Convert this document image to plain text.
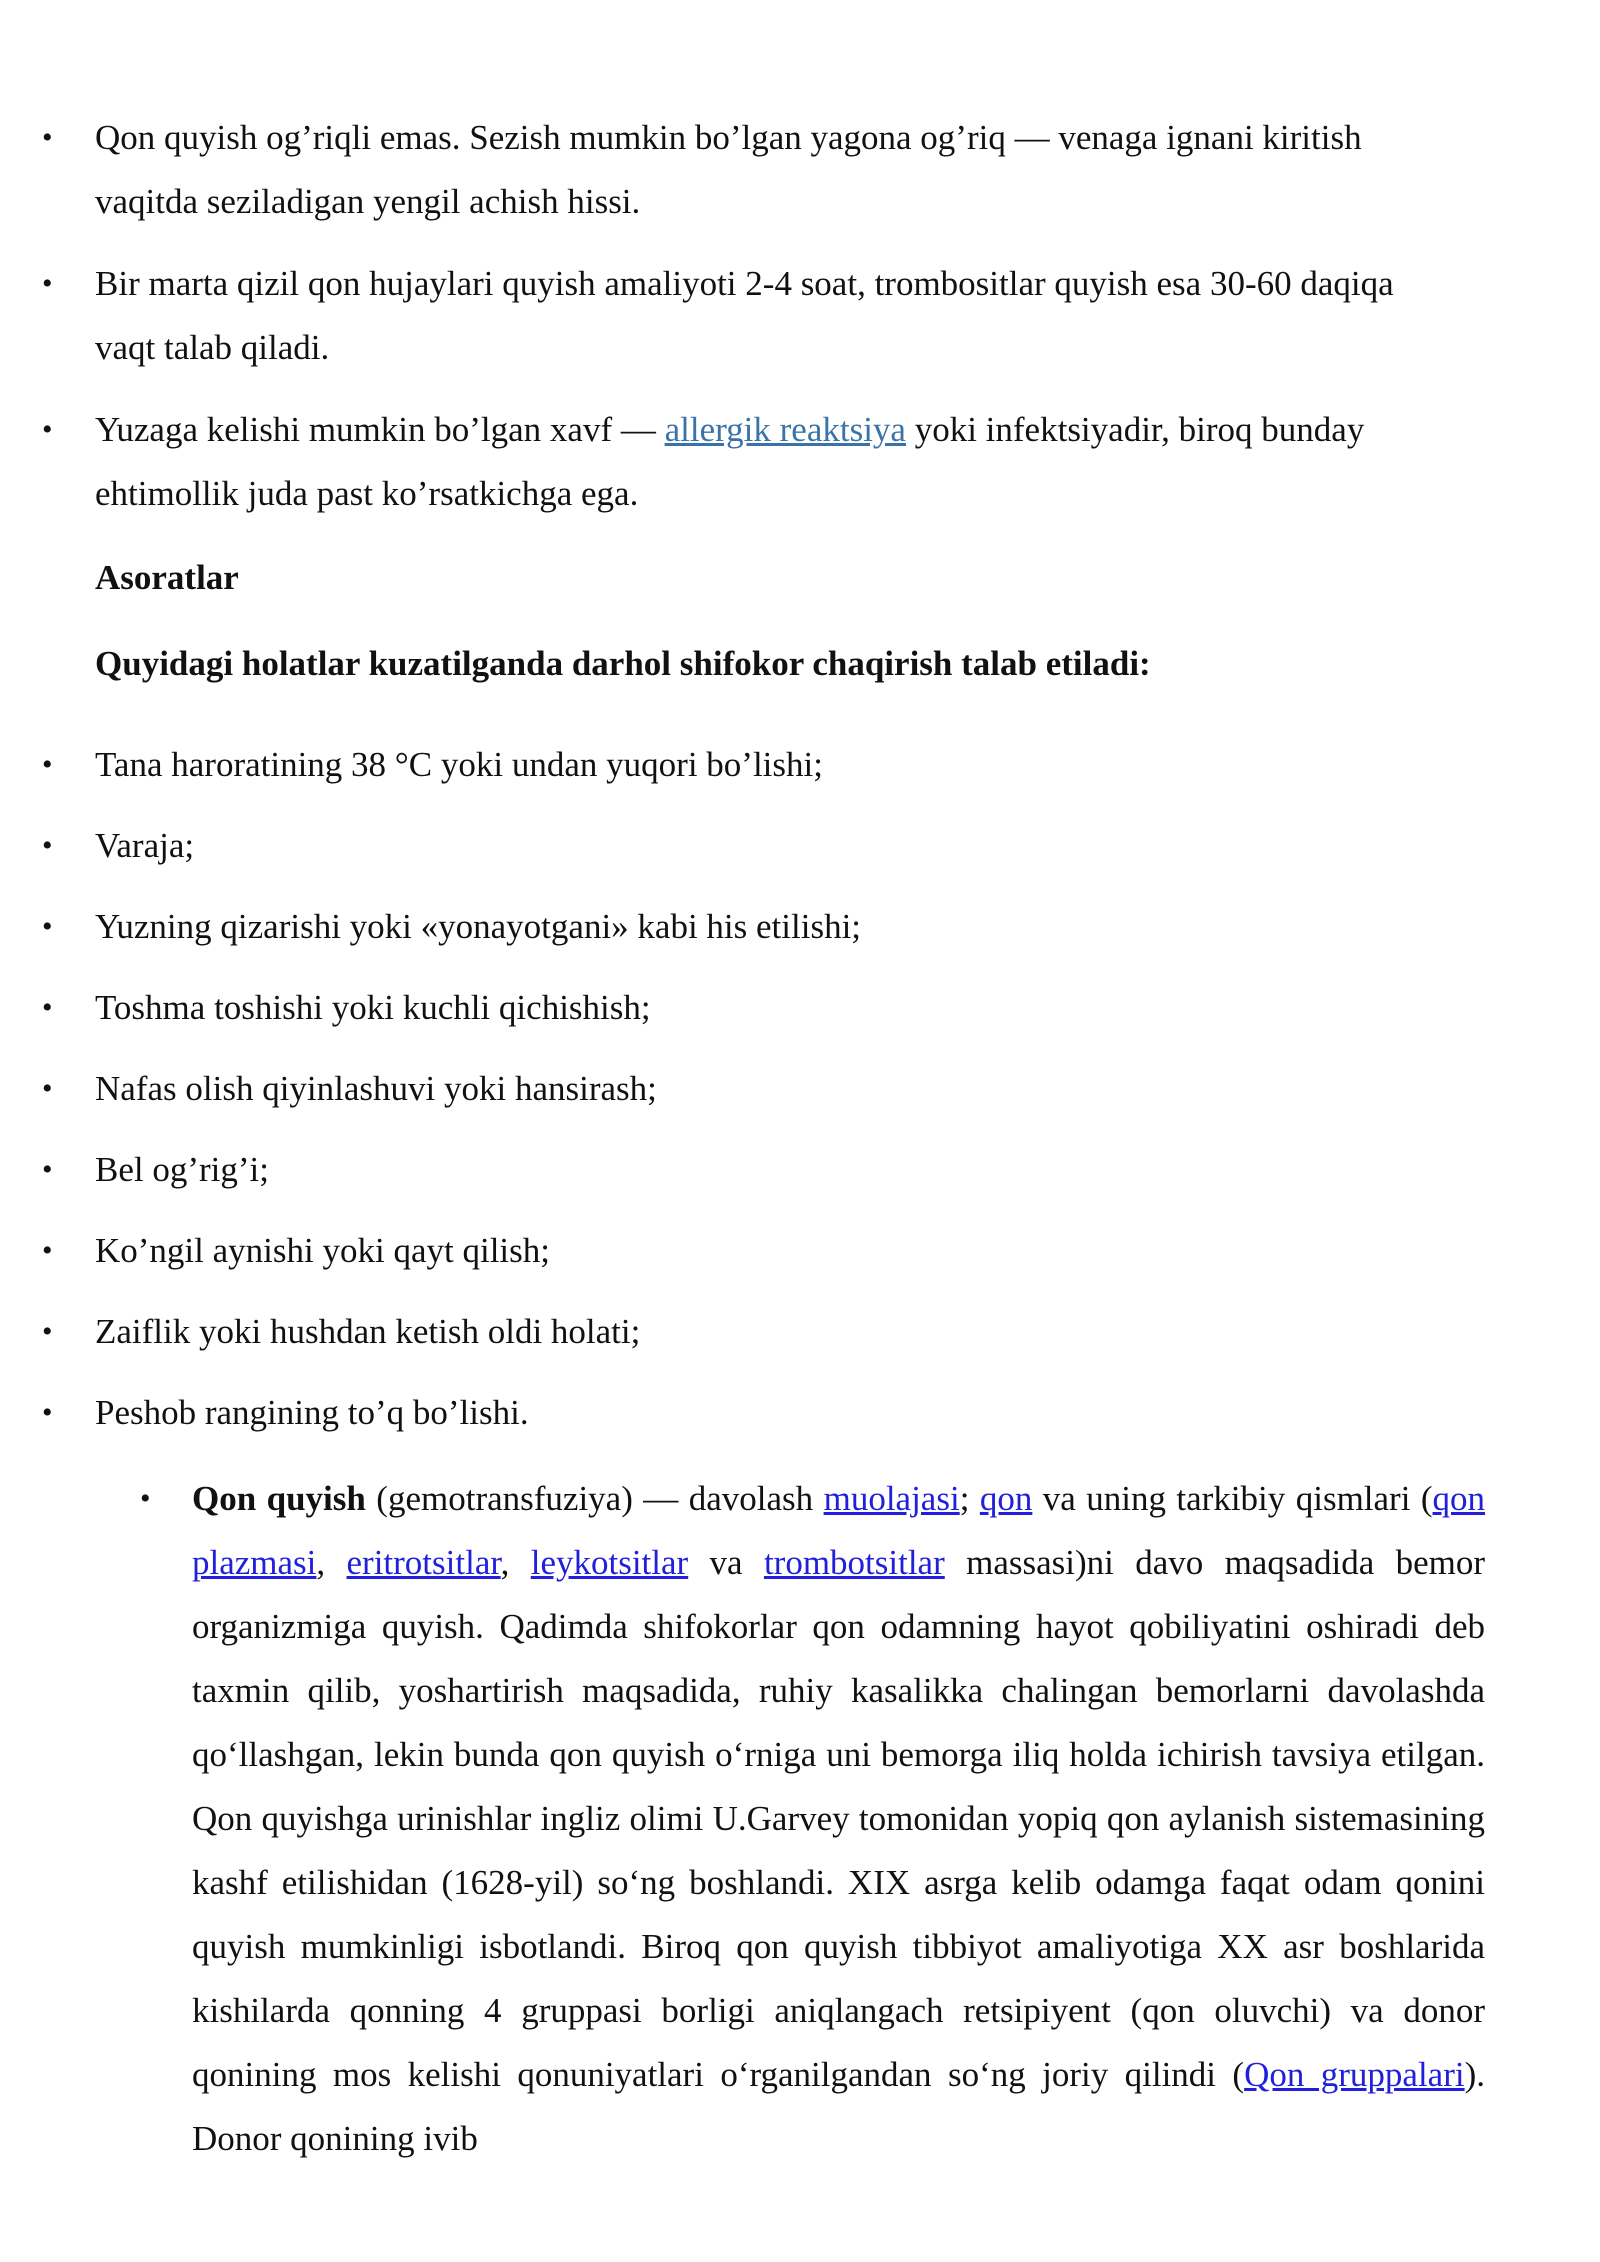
• Qon quyish og’riqli emas. Sezish mumkin bo’lgan yagona og’riq — venaga ignani kiritish
vaqitda seziladigan yengil achish hissi.
• Bir marta qizil qon hujaylari quyish amaliyoti 2-4 soat, trombositlar quyish esa 30-60 daqiqa
vaqt talab qiladi.
• Yuzaga kelishi mumkin bo’lgan xavf — allergik reaktsiya yoki infektsiyadir, biroq bunday
ehtimollik juda past ko’rsatkichga ega.
Asoratlar
Quyidagi holatlar kuzatilganda darhol shifokor chaqirish talab etiladi:
• Tana haroratining 38 °C yoki undan yuqori bo’lishi;
• Varaja;
• Yuzning qizarishi yoki «yonayotgani» kabi his etilishi;
• Toshma toshishi yoki kuchli qichishish;
• Nafas olish qiyinlashuvi yoki hansirash;
• Bel og’rig’i;
• Ko’ngil aynishi yoki qayt qilish;
• Zaiflik yoki hushdan ketish oldi holati;
• Peshob rangining to’q bo’lishi.
• Qon quyish (gemotransfuziya) — davolash muolajasi; qon va uning tarkibiy qismlari (qon plazmasi, eritrotsitlar, leykotsitlar va trombotsitlar massasi)ni davo maqsadida bemor organizmiga quyish. Qadimda shifokorlar qon odamning hayot qobiliyatini oshiradi deb taxmin qilib, yoshartirish maqsadida, ruhiy kasalikka chalingan bemorlarni davolashda qoʻllashgan, lekin bunda qon quyish oʻrniga uni bemorga iliq holda ichirish tavsiya etilgan. Qon quyishga urinishlar ingliz olimi U.Garvey tomonidan yopiq qon aylanish sistemasining kashf etilishidan (1628-yil) soʻng boshlandi. XIX asrga kelib odamga faqat odam qonini quyish mumkinligi isbotlandi. Biroq qon quyish tibbiyot amaliyotiga XX asr boshlarida kishilarda qonning 4 gruppasi borligi aniqlangach retsipiyent (qon oluvchi) va donor qonining mos kelishi qonuniyatlari oʻrganilgandan soʻng joriy qilindi (Qon gruppalari). Donor qonining ivib
